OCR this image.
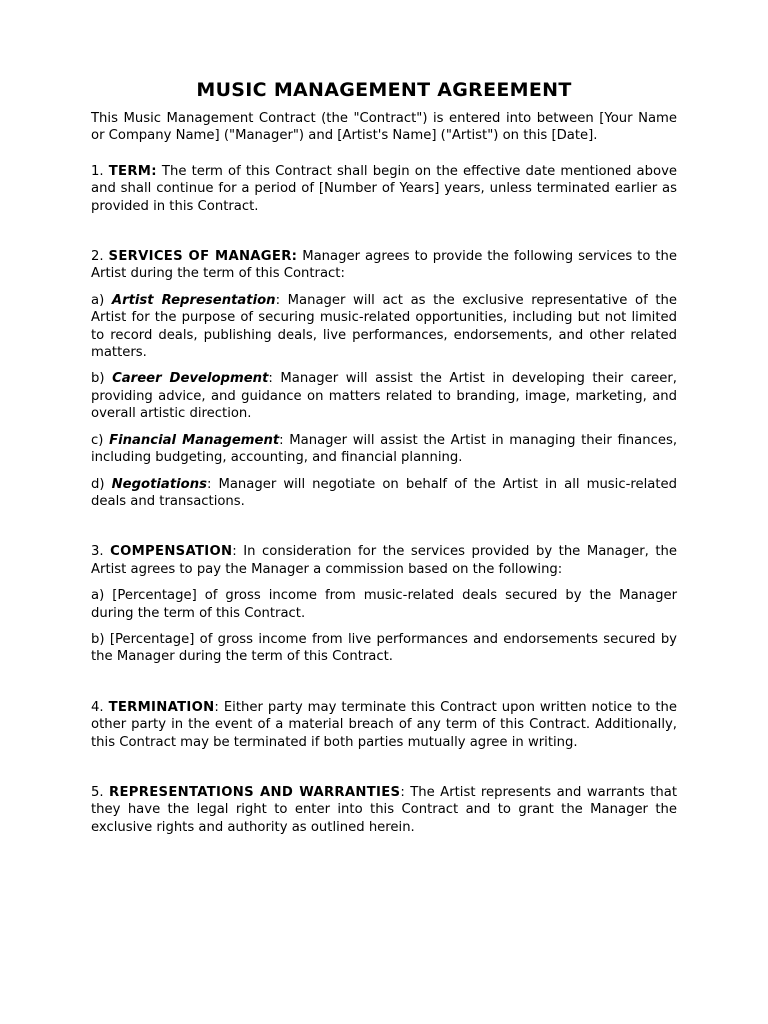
MUSIC MANAGEMENT AGREEMENT

This Music Management Contract (the "Contract") is entered into between [Your Name or Company Name] ("Manager") and [Artist's Name] ("Artist") on this [Date].

1. TERM: The term of this Contract shall begin on the effective date mentioned above and shall continue for a period of [Number of Years] years, unless terminated earlier as provided in this Contract.

2. SERVICES OF MANAGER: Manager agrees to provide the following services to the Artist during the term of this Contract:

a) Artist Representation: Manager will act as the exclusive representative of the Artist for the purpose of securing music-related opportunities, including but not limited to record deals, publishing deals, live performances, endorsements, and other related matters.

b) Career Development: Manager will assist the Artist in developing their career, providing advice, and guidance on matters related to branding, image, marketing, and overall artistic direction.

c) Financial Management: Manager will assist the Artist in managing their finances, including budgeting, accounting, and financial planning.

d) Negotiations: Manager will negotiate on behalf of the Artist in all music-related deals and transactions.

3. COMPENSATION: In consideration for the services provided by the Manager, the Artist agrees to pay the Manager a commission based on the following:

a) [Percentage] of gross income from music-related deals secured by the Manager during the term of this Contract.

b) [Percentage] of gross income from live performances and endorsements secured by the Manager during the term of this Contract.

4. TERMINATION: Either party may terminate this Contract upon written notice to the other party in the event of a material breach of any term of this Contract. Additionally, this Contract may be terminated if both parties mutually agree in writing.

5. REPRESENTATIONS AND WARRANTIES: The Artist represents and warrants that they have the legal right to enter into this Contract and to grant the Manager the exclusive rights and authority as outlined herein.
